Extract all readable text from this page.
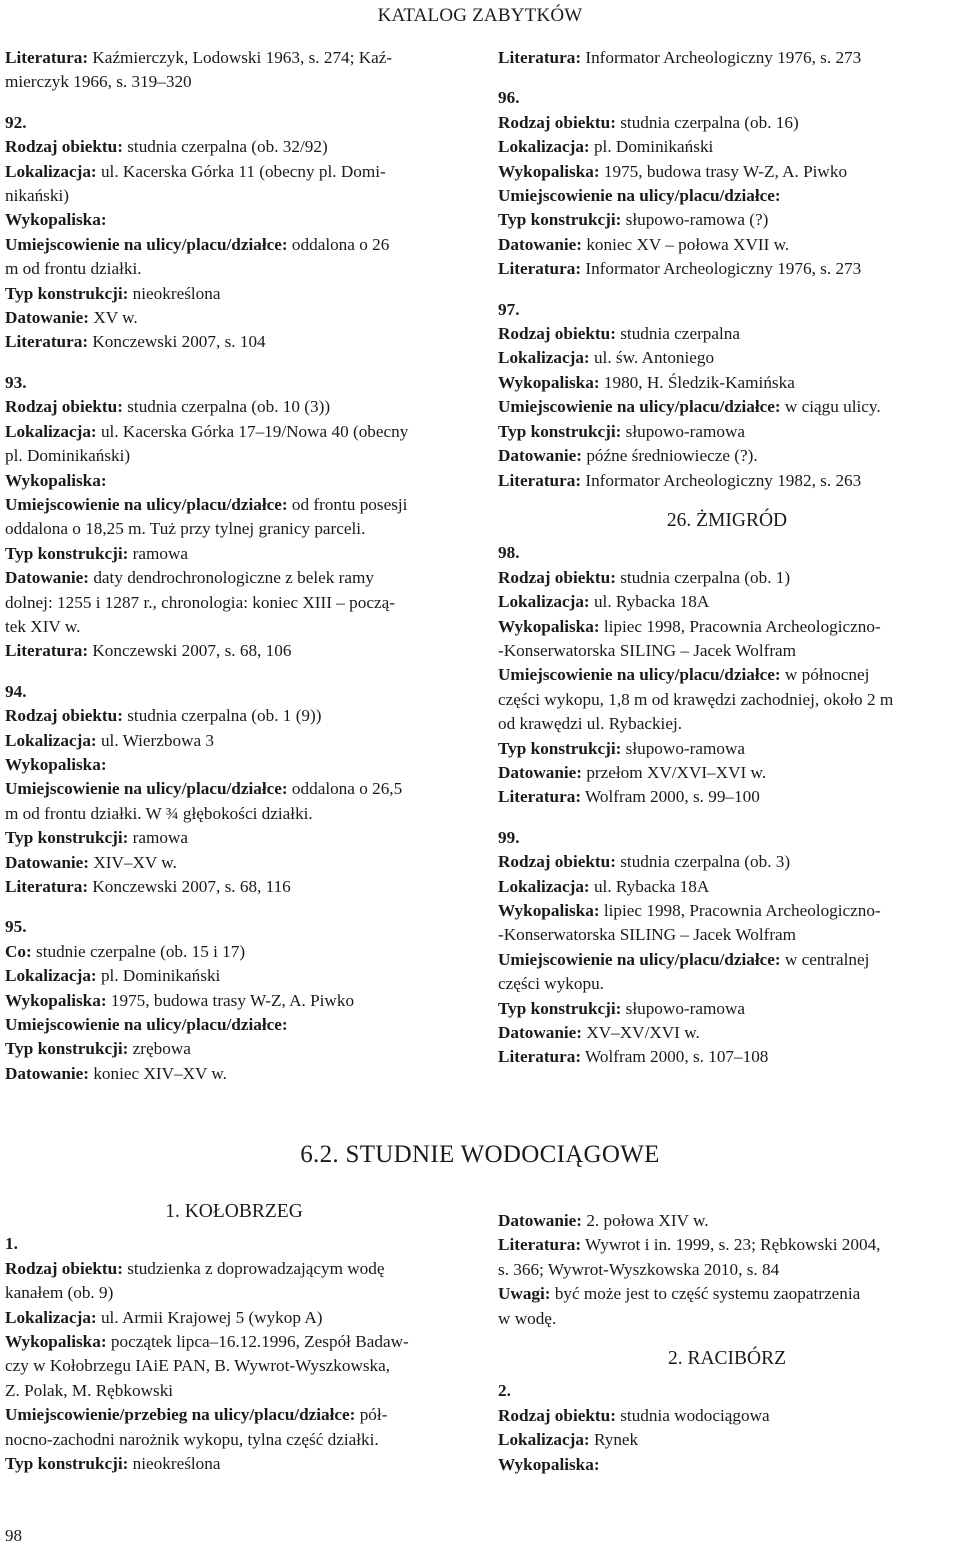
KATALOG ZABYTKÓW
Literatura: Kaźmierczyk, Lodowski 1963, s. 274; Kaź-
mierczyk 1966, s. 319–320
92.
Rodzaj obiektu: studnia czerpalna (ob. 32/92)
Lokalizacja: ul. Kacerska Górka 11 (obecny pl. Domi-
nikański)
Wykopaliska:
Umiejscowienie na ulicy/placu/działce: oddalona o 26
m od frontu działki.
Typ konstrukcji: nieokreślona
Datowanie: XV w.
Literatura: Konczewski 2007, s. 104
93.
Rodzaj obiektu: studnia czerpalna (ob. 10 (3))
Lokalizacja: ul. Kacerska Górka 17–19/Nowa 40 (obecny
pl. Dominikański)
Wykopaliska:
Umiejscowienie na ulicy/placu/działce: od frontu posesji
oddalona o 18,25 m. Tuż przy tylnej granicy parceli.
Typ konstrukcji: ramowa
Datowanie: daty dendrochronologiczne z belek ramy
dolnej: 1255 i 1287 r., chronologia: koniec XIII – począ-
tek XIV w.
Literatura: Konczewski 2007, s. 68, 106
94.
Rodzaj obiektu: studnia czerpalna (ob. 1 (9))
Lokalizacja: ul. Wierzbowa 3
Wykopaliska:
Umiejscowienie na ulicy/placu/działce: oddalona o 26,5
m od frontu działki. W ¾ głębokości działki.
Typ konstrukcji: ramowa
Datowanie: XIV–XV w.
Literatura: Konczewski 2007, s. 68, 116
95.
Co: studnie czerpalne (ob. 15 i 17)
Lokalizacja: pl. Dominikański
Wykopaliska: 1975, budowa trasy W-Z, A. Piwko
Umiejscowienie na ulicy/placu/działce:
Typ konstrukcji: zrębowa
Datowanie: koniec XIV–XV w.
Literatura: Informator Archeologiczny 1976, s. 273
96.
Rodzaj obiektu: studnia czerpalna (ob. 16)
Lokalizacja: pl. Dominikański
Wykopaliska: 1975, budowa trasy W-Z, A. Piwko
Umiejscowienie na ulicy/placu/działce:
Typ konstrukcji: słupowo-ramowa (?)
Datowanie: koniec XV – połowa XVII w.
Literatura: Informator Archeologiczny 1976, s. 273
97.
Rodzaj obiektu: studnia czerpalna
Lokalizacja: ul. św. Antoniego
Wykopaliska: 1980, H. Śledzik-Kamińska
Umiejscowienie na ulicy/placu/działce: w ciągu ulicy.
Typ konstrukcji: słupowo-ramowa
Datowanie: późne średniowiecze (?).
Literatura: Informator Archeologiczny 1982, s. 263
26. ŻMIGRÓD
98.
Rodzaj obiektu: studnia czerpalna (ob. 1)
Lokalizacja: ul. Rybacka 18A
Wykopaliska: lipiec 1998, Pracownia Archeologiczno-
-Konserwatorska SILING – Jacek Wolfram
Umiejscowienie na ulicy/placu/działce: w północnej
części wykopu, 1,8 m od krawędzi zachodniej, około 2 m
od krawędzi ul. Rybackiej.
Typ konstrukcji: słupowo-ramowa
Datowanie: przełom XV/XVI–XVI w.
Literatura: Wolfram 2000, s. 99–100
99.
Rodzaj obiektu: studnia czerpalna (ob. 3)
Lokalizacja: ul. Rybacka 18A
Wykopaliska: lipiec 1998, Pracownia Archeologiczno-
-Konserwatorska SILING – Jacek Wolfram
Umiejscowienie na ulicy/placu/działce: w centralnej
części wykopu.
Typ konstrukcji: słupowo-ramowa
Datowanie: XV–XV/XVI w.
Literatura: Wolfram 2000, s. 107–108
6.2. STUDNIE WODOCIĄGOWE
1. KOŁOBRZEG
1.
Rodzaj obiektu: studzienka z doprowadzającym wodę
kanałem (ob. 9)
Lokalizacja: ul. Armii Krajowej 5 (wykop A)
Wykopaliska: początek lipca–16.12.1996, Zespół Badaw-
czy w Kołobrzegu IAiE PAN, B. Wywrot-Wyszkowska,
Z. Polak, M. Rębkowski
Umiejscowienie/przebieg na ulicy/placu/działce: pół-
nocno-zachodni narożnik wykopu, tylna część działki.
Typ konstrukcji: nieokreślona
Datowanie: 2. połowa XIV w.
Literatura: Wywrot i in. 1999, s. 23; Rębkowski 2004,
s. 366; Wywrot-Wyszkowska 2010, s. 84
Uwagi: być może jest to część systemu zaopatrzenia
w wodę.
2. RACIBÓRZ
2.
Rodzaj obiektu: studnia wodociągowa
Lokalizacja: Rynek
Wykopaliska:
98
